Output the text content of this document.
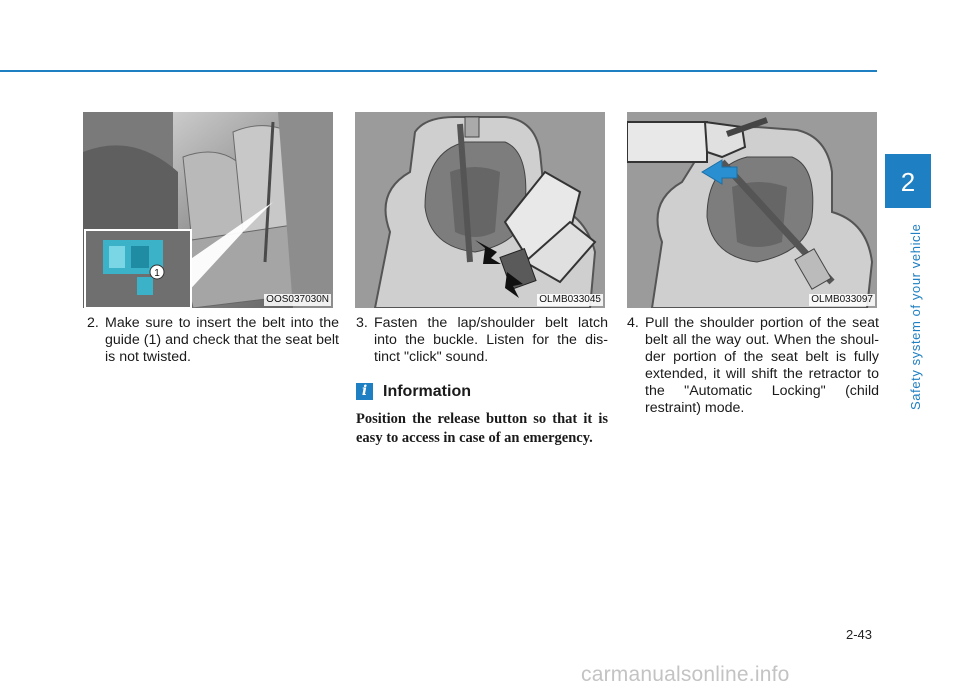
2
Safety system of your vehicle
1
OOS037030N	OLMB033045	OLMB033097
2. Make sure to insert the belt into the guide (1) and check that the seat belt is not twisted.
3. Fasten the lap/shoulder belt latch into the buckle. Listen for the dis-tinct "click" sound.
i Information
Position the release button so that it is easy to access in case of an emergency.
4. Pull the shoulder portion of the seat belt all the way out. When the shoul-der portion of the seat belt is fully extended, it will shift the retractor to the "Automatic Locking" (child restraint) mode.
2-43
carmanualsonline.info
